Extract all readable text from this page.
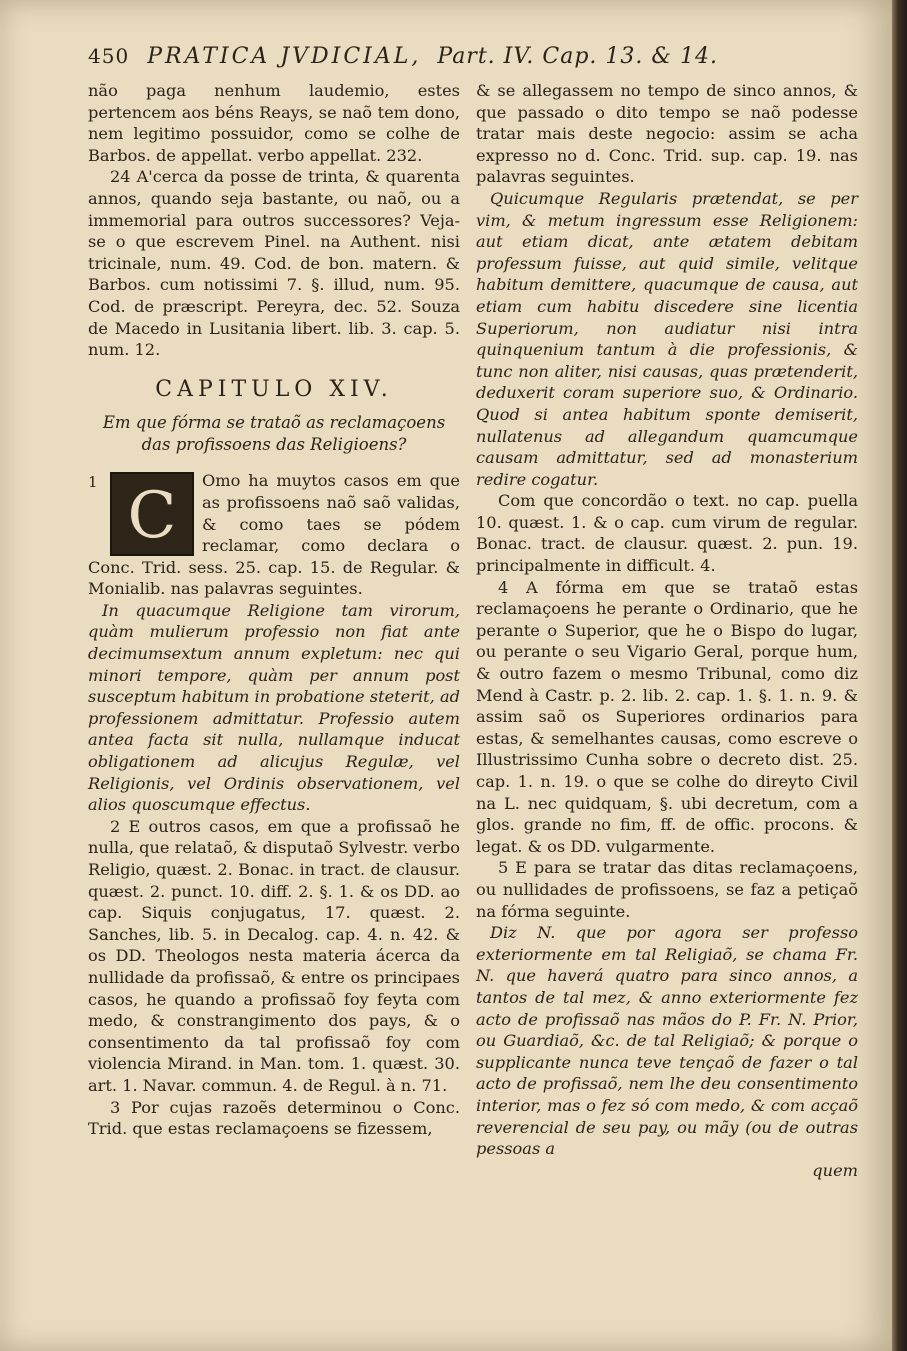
450 PRATICA JVDICIAL, Part. IV. Cap. 13. & 14.

não paga nenhum laudemio, estes pertencem aos béns Reays, se naõ tem dono, nem legitimo possuidor, como se colhe de Barbos. de appellat. verbo appellat. 232.

24 A'cerca da posse de trinta, & quarenta annos, quando seja bastante, ou naõ, ou a immemorial para outros successores? Veja-se o que escrevem Pinel. na Authent. nisi tricinale, num. 49. Cod. de bon. matern. & Barbos. cum notissimi 7. §. illud, num. 95. Cod. de præscript. Pereyra, dec. 52. Souza de Macedo in Lusitania libert. lib. 3. cap. 5. num. 12.

CAPITULO XIV.
Em que fórma se trataõ as reclamaçoens das profissoens das Religioens?
1 C	Omo ha muytos casos em que as profissoens naõ saõ validas, & como taes se pódem reclamar, como declara o Conc. Trid. sess. 25. cap. 15. de Regular. & Monialib. nas palavras seguintes.

In quacumque Religione tam virorum, quàm mulierum professio non fiat ante decimumsextum annum expletum: nec qui minori tempore, quàm per annum post susceptum habitum in probatione steterit, ad professionem admittatur. Professio autem antea facta sit nulla, nullamque inducat obligationem ad alicujus Regulæ, vel Religionis, vel Ordinis observationem, vel alios quoscumque effectus.

2 E outros casos, em que a profissaõ he nulla, que relataõ, & disputaõ Sylvestr. verbo Religio, quæst. 2. Bonac. in tract. de clausur. quæst. 2. punct. 10. diff. 2. §. 1. & os DD. ao cap. Siquis conjugatus, 17. quæst. 2. Sanches, lib. 5. in Decalog. cap. 4. n. 42. & os DD. Theologos nesta materia ácerca da nullidade da profissaõ, & entre os principaes casos, he quando a profissaõ foy feyta com medo, & constrangimento dos pays, & o consentimento da tal profissaõ foy com violencia Mirand. in Man. tom. 1. quæst. 30. art. 1. Navar. commun. 4. de Regul. à n. 71.

3 Por cujas razoẽs determinou o Conc. Trid. que estas reclamaçoens se fizessem,

& se allegassem no tempo de sinco annos, & que passado o dito tempo se naõ podesse tratar mais deste negocio: assim se acha expresso no d. Conc. Trid. sup. cap. 19. nas palavras seguintes.

Quicumque Regularis prætendat, se per vim, & metum ingressum esse Religionem: aut etiam dicat, ante ætatem debitam professum fuisse, aut quid simile, velitque habitum demittere, quacumque de causa, aut etiam cum habitu discedere sine licentia Superiorum, non audiatur nisi intra quinquenium tantum à die professionis, & tunc non aliter, nisi causas, quas prætenderit, deduxerit coram superiore suo, & Ordinario. Quod si antea habitum sponte demiserit, nullatenus ad allegandum quamcumque causam admittatur, sed ad monasterium redire cogatur.

Com que concordão o text. no cap. puella 10. quæst. 1. & o cap. cum virum de regular. Bonac. tract. de clausur. quæst. 2. pun. 19. principalmente in difficult. 4.

4 A fórma em que se trataõ estas reclamaçoens he perante o Ordinario, que he perante o Superior, que he o Bispo do lugar, ou perante o seu Vigario Geral, porque hum, & outro fazem o mesmo Tribunal, como diz Mend à Castr. p. 2. lib. 2. cap. 1. §. 1. n. 9. & assim saõ os Superiores ordinarios para estas, & semelhantes causas, como escreve o Illustrissimo Cunha sobre o decreto dist. 25. cap. 1. n. 19. o que se colhe do direyto Civil na L. nec quidquam, §. ubi decretum, com a glos. grande no fim, ff. de offic. procons. & legat. & os DD. vulgarmente.

5 E para se tratar das ditas reclamaçoens, ou nullidades de profissoens, se faz a petiçaõ na fórma seguinte.

Diz N. que por agora ser professo exteriormente em tal Religiaõ, se chama Fr. N. que haverá quatro para sinco annos, a tantos de tal mez, & anno exteriormente fez acto de profissaõ nas mãos do P. Fr. N. Prior, ou Guardiaõ, &c. de tal Religiaõ; & porque o supplicante nunca teve tençaõ de fazer o tal acto de profissaõ, nem lhe deu consentimento interior, mas o fez só com medo, & com acçaõ reverencial de seu pay, ou mãy (ou de outras pessoas a

quem
